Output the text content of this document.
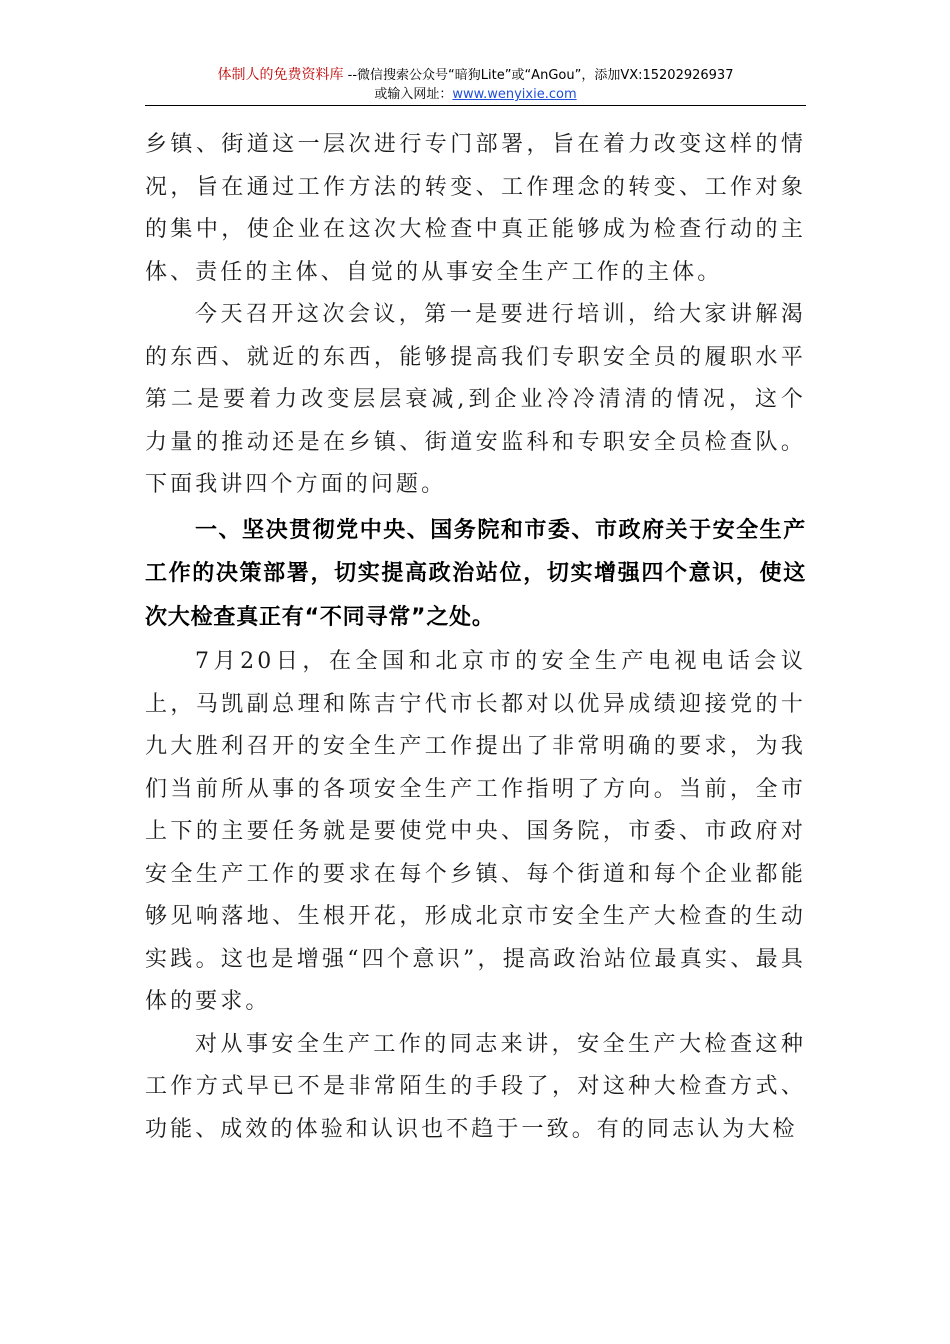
体制人的免费资料库 --微信搜索公众号“暗狗Lite”或“AnGou”，添加VX:15202926937
或输入网址：www.wenyixie.com

乡镇、街道这一层次进行专门部署，旨在着力改变这样的情况，旨在通过工作方法的转变、工作理念的转变、工作对象的集中，使企业在这次大检查中真正能够成为检查行动的主体、责任的主体、自觉的从事安全生产工作的主体。

今天召开这次会议，第一是要进行培训，给大家讲解渴的东西、就近的东西，能够提高我们专职安全员的履职水平第二是要着力改变层层衰减,到企业冷冷清清的情况，这个力量的推动还是在乡镇、街道安监科和专职安全员检查队。下面我讲四个方面的问题。

一、坚决贯彻党中央、国务院和市委、市政府关于安全生产工作的决策部署，切实提高政治站位，切实增强四个意识，使这次大检查真正有“不同寻常”之处。

7月20日，在全国和北京市的安全生产电视电话会议上，马凯副总理和陈吉宁代市长都对以优异成绩迎接党的十九大胜利召开的安全生产工作提出了非常明确的要求，为我们当前所从事的各项安全生产工作指明了方向。当前，全市上下的主要任务就是要使党中央、国务院，市委、市政府对安全生产工作的要求在每个乡镇、每个街道和每个企业都能够见响落地、生根开花，形成北京市安全生产大检查的生动实践。这也是增强“四个意识”，提高政治站位最真实、最具体的要求。

对从事安全生产工作的同志来讲，安全生产大检查这种工作方式早已不是非常陌生的手段了，对这种大检查方式、功能、成效的体验和认识也不趋于一致。有的同志认为大检
